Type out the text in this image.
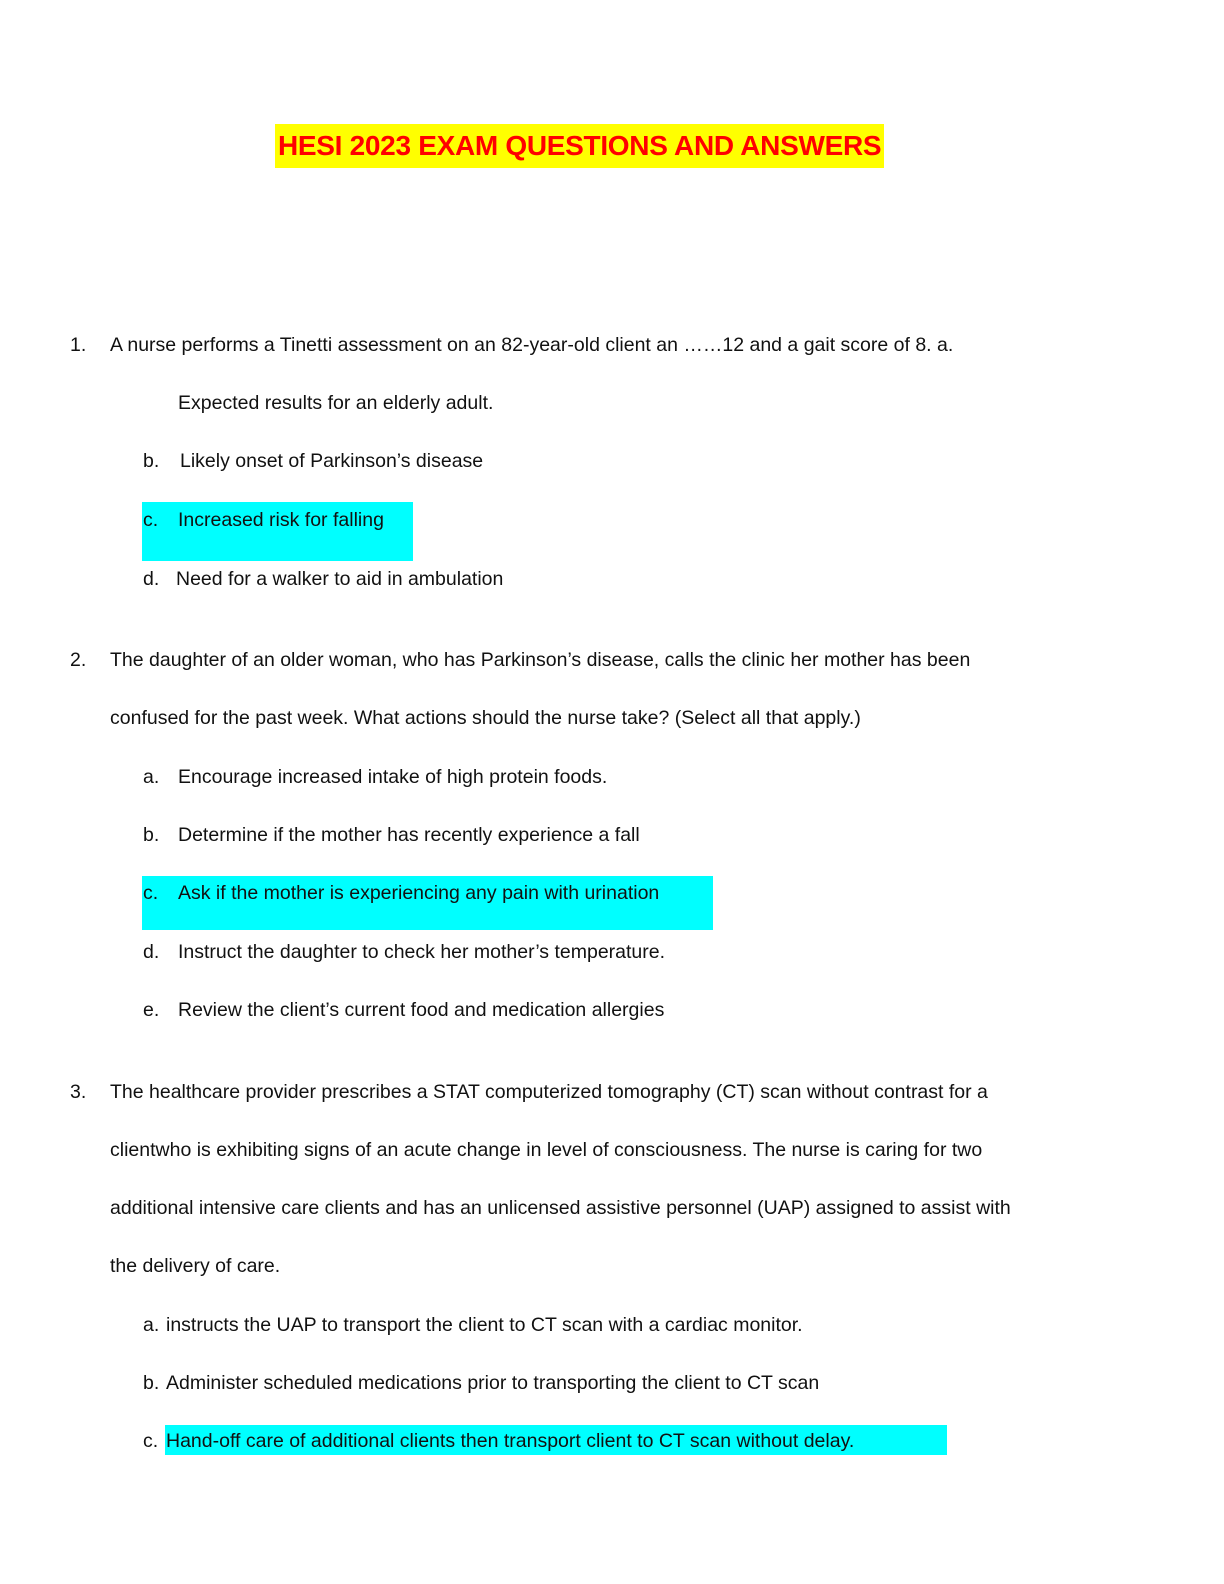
HESI 2023 EXAM QUESTIONS AND ANSWERS
1. A nurse performs a Tinetti assessment on an 82-year-old client an ……12 and a gait score of 8. a.
Expected results for an elderly adult.
b. Likely onset of Parkinson’s disease
c. Increased risk for falling
d. Need for a walker to aid in ambulation
2. The daughter of an older woman, who has Parkinson’s disease, calls the clinic her mother has been
confused for the past week. What actions should the nurse take? (Select all that apply.)
a. Encourage increased intake of high protein foods.
b. Determine if the mother has recently experience a fall
c. Ask if the mother is experiencing any pain with urination
d. Instruct the daughter to check her mother’s temperature.
e. Review the client’s current food and medication allergies
3. The healthcare provider prescribes a STAT computerized tomography (CT) scan without contrast for a
clientwho is exhibiting signs of an acute change in level of consciousness. The nurse is caring for two
additional intensive care clients and has an unlicensed assistive personnel (UAP) assigned to assist with
the delivery of care.
a. instructs the UAP to transport the client to CT scan with a cardiac monitor.
b. Administer scheduled medications prior to transporting the client to CT scan
c. Hand-off care of additional clients then transport client to CT scan without delay.
